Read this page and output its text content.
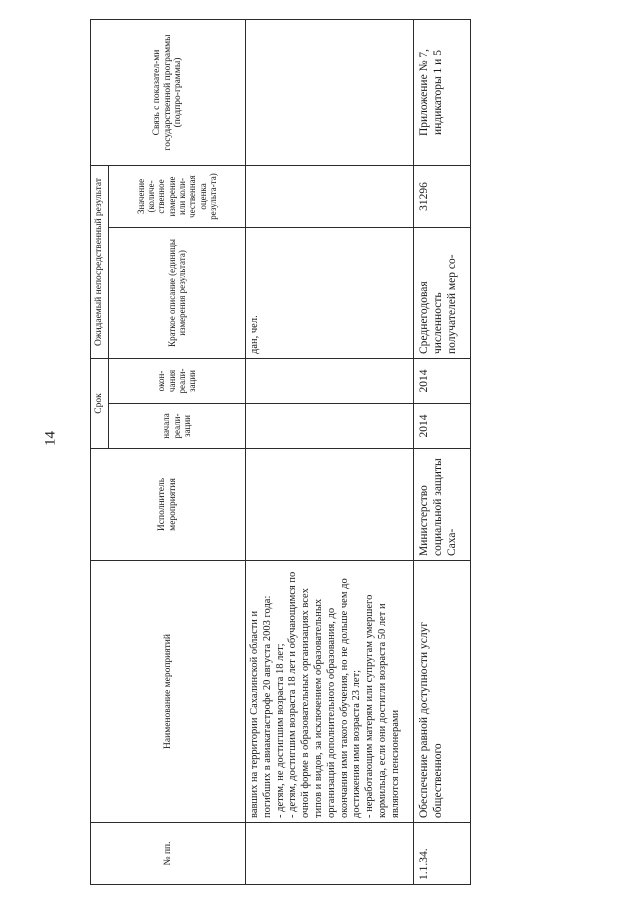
14
№ пп.	Наименование мероприятий	Исполнитель мероприятия	Срок		Ожидаемый непосредственный результат		Связь с показател-ми государственной программы (подпро-граммы)
			начала реали-зации	окон-чания реали-зации	Краткое описание (единицы измерения результата)	Значение (количе-ственное измерение или коли-чественная оценка результа-та)	
	вавших на территории Сахалинской области и погибших в авиакатастрофе 20 августа 2003 года:
- детям, не достигшим возраста 18 лет;
- детям, достигшим возраста 18 лет и обучающимся по очной форме в образовательных организациях всех типов и видов, за исключением образовательных организаций дополнительного образования, до окончания ими такого обучения, но не дольше чем до достижения ими возраста 23 лет;
- неработающим матерям или супругам умершего кормильца, если они достигли возраста 50 лет и являются пенсионерами				дан, чел.		
1.1.34.	Обеспечение равной доступности услуг общественного	Министерство социальной защиты Саха-	2014	2014	Среднегодовая численность получателей мер со-	31296	Приложение № 7, индикаторы 1 и 5
